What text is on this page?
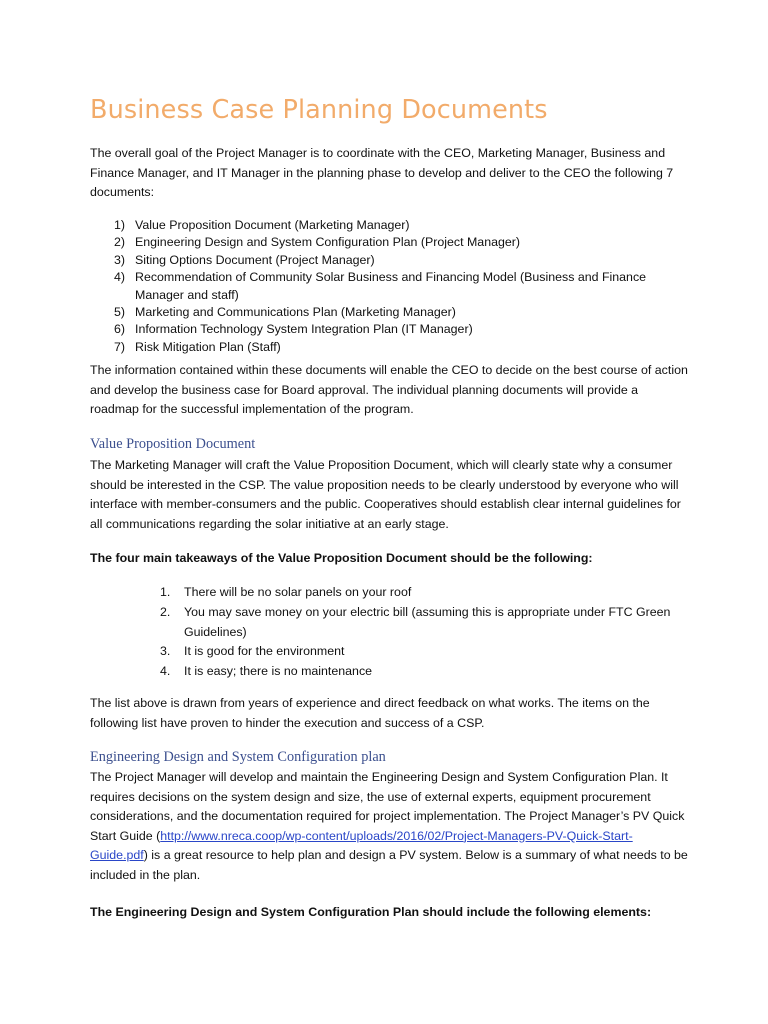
Business Case Planning Documents

The overall goal of the Project Manager is to coordinate with the CEO, Marketing Manager, Business and Finance Manager, and IT Manager in the planning phase to develop and deliver to the CEO the following 7 documents:

1) Value Proposition Document (Marketing Manager)
2) Engineering Design and System Configuration Plan (Project Manager)
3) Siting Options Document (Project Manager)
4) Recommendation of Community Solar Business and Financing Model (Business and Finance Manager and staff)
5) Marketing and Communications Plan (Marketing Manager)
6) Information Technology System Integration Plan (IT Manager)
7) Risk Mitigation Plan (Staff)

The information contained within these documents will enable the CEO to decide on the best course of action and develop the business case for Board approval. The individual planning documents will provide a roadmap for the successful implementation of the program.

Value Proposition Document

The Marketing Manager will craft the Value Proposition Document, which will clearly state why a consumer should be interested in the CSP. The value proposition needs to be clearly understood by everyone who will interface with member-consumers and the public. Cooperatives should establish clear internal guidelines for all communications regarding the solar initiative at an early stage.

The four main takeaways of the Value Proposition Document should be the following:

1. There will be no solar panels on your roof
2. You may save money on your electric bill (assuming this is appropriate under FTC Green Guidelines)
3. It is good for the environment
4. It is easy; there is no maintenance

The list above is drawn from years of experience and direct feedback on what works. The items on the following list have proven to hinder the execution and success of a CSP.

Engineering Design and System Configuration plan

The Project Manager will develop and maintain the Engineering Design and System Configuration Plan. It requires decisions on the system design and size, the use of external experts, equipment procurement considerations, and the documentation required for project implementation. The Project Manager’s PV Quick Start Guide (http://www.nreca.coop/wp-content/uploads/2016/02/Project-Managers-PV-Quick-Start-Guide.pdf) is a great resource to help plan and design a PV system. Below is a summary of what needs to be included in the plan.

The Engineering Design and System Configuration Plan should include the following elements:
